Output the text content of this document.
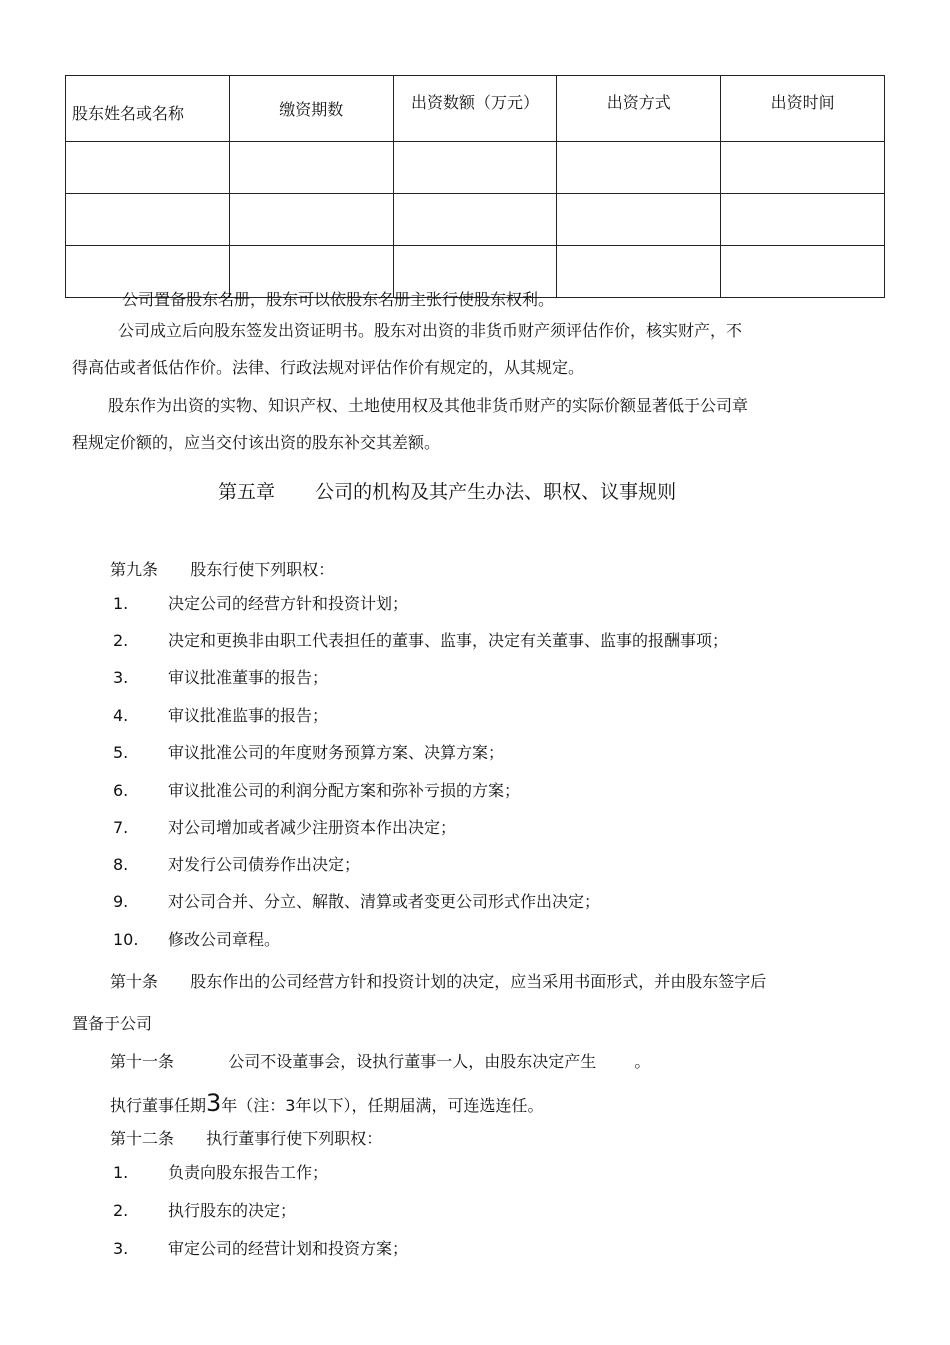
股东姓名或名称	缴资期数	出资数额（万元）	出资方式	出资时间

公司置备股东名册，股东可以依股东名册主张行使股东权利。
公司成立后向股东签发出资证明书。股东对出资的非货币财产须评估作价，核实财产，不
得高估或者低估作价。法律、行政法规对评估作价有规定的，从其规定。
股东作为出资的实物、知识产权、土地使用权及其他非货币财产的实际价额显著低于公司章
程规定价额的，应当交付该出资的股东补交其差额。
第五章 公司的机构及其产生办法、职权、议事规则
第九条 股东行使下列职权：
1. 决定公司的经营方针和投资计划；
2. 决定和更换非由职工代表担任的董事、监事，决定有关董事、监事的报酬事项；
3. 审议批准董事的报告；
4. 审议批准监事的报告；
5. 审议批准公司的年度财务预算方案、决算方案；
6. 审议批准公司的利润分配方案和弥补亏损的方案；
7. 对公司增加或者减少注册资本作出决定；
8. 对发行公司债券作出决定；
9. 对公司合并、分立、解散、清算或者变更公司形式作出决定；
10. 修改公司章程。
第十条 股东作出的公司经营方针和投资计划的决定，应当采用书面形式，并由股东签字后
置备于公司
第十一条	公司不设董事会，设执行董事一人，由股东决定产生 。
执行董事任期3年（注：3年以下），任期届满，可连选连任。
第十二条 执行董事行使下列职权：
1. 负责向股东报告工作；
2. 执行股东的决定；
3. 审定公司的经营计划和投资方案；
